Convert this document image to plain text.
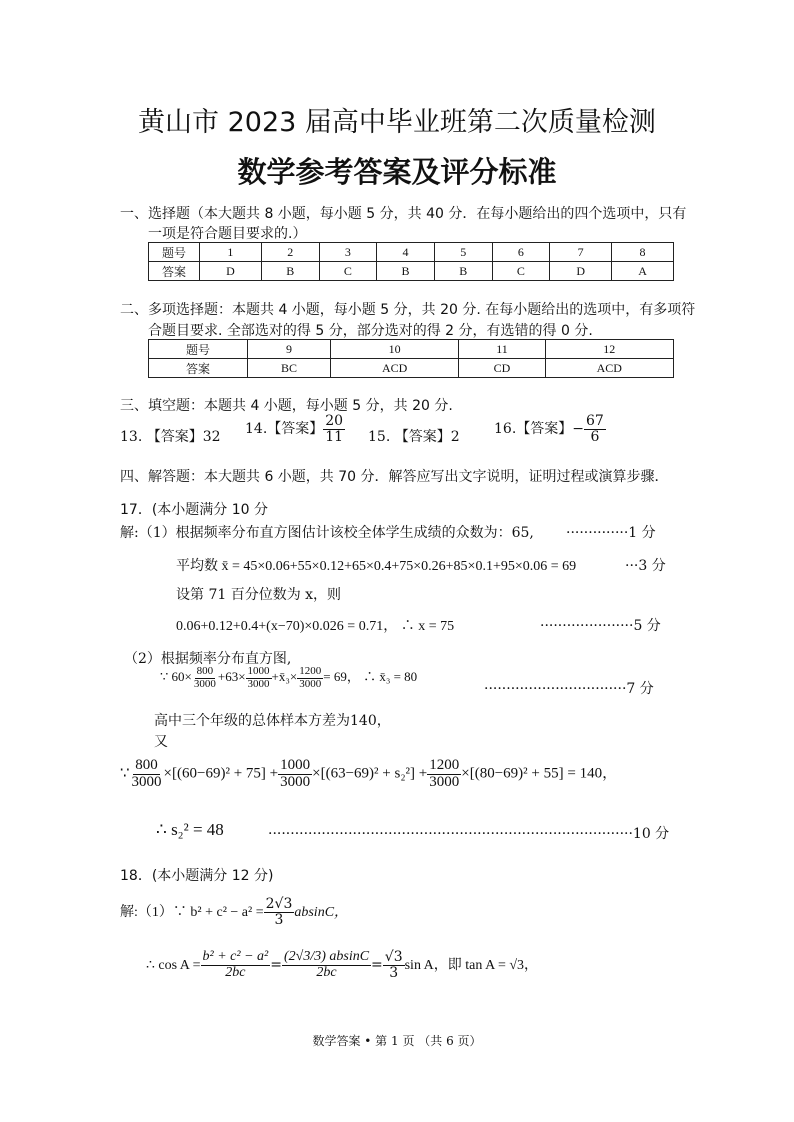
黄山市 2023 届高中毕业班第二次质量检测
数学参考答案及评分标准
一、选择题（本大题共 8 小题，每小题 5 分，共 40 分．在每小题给出的四个选项中，只有
一项是符合题目要求的.）
题号	1	2	3	4	5	6	7	8
答案	D	B	C	B	B	C	D	A
二、多项选择题：本题共 4 小题，每小题 5 分，共 20 分. 在每小题给出的选项中，有多项符
合题目要求. 全部选对的得 5 分，部分选对的得 2 分，有选错的得 0 分.
题号	9	10	11	12
答案	BC	ACD	CD	ACD
三、填空题：本题共 4 小题，每小题 5 分，共 20 分.
13. 【答案】32 14.【答案】 $\frac{20}{11} 15$. 【答案】2 16.【答案】− $\frac{67}{6}$
四、解答题：本大题共 6 小题，共 70 分．解答应写出文字说明，证明过程或演算步骤．
17．(本小题满分 10 分
解:（1）根据频率分布直方图估计该校全体学生成绩的众数为：65, ··············1 分
平均数 x̄ = 45×0.06+55×0.12+65×0.4+75×0.26+85×0.1+95×0.06 = 69	···3 分
设第 71 百分位数为 x，则
0.06+0.12+0.4+(x−70)×0.026 = 0.71， ∴ x = 75	·····················5 分
（2）根据频率分布直方图,
∵ $60\times \frac{800}{3000} +63\times \frac{1000}{3000}$ +x̄₃× $\frac{1200}{3000} = 69$， ∴ x̄₃ = 80
································7 分
高中三个年级的总体样本方差为140，
又
∵ $\frac{800}{3000} \times[(60-69)^2 + 75] + \frac{1000}{3000} \times[(63-69)^2 + s_2^2] + \frac{1200}{3000} \times[(80-69)^2 + 55] = 140$，
∴ s₂² = 48	··················································································10 分
18．(本小题满分 12 分)
解:（1）∵ $b^2 + c^2 - a^2 = \frac{2√3}{3}$ absinC，
∴ $\cos A = \frac{\text{b² + c² − a²}}{2bc} = \frac{(2√3/3) absinC}{2bc} = \frac{√3}{3}$ sin A，即 tan A = √3，
数学答案 • 第 1 页 （共 6 页）
